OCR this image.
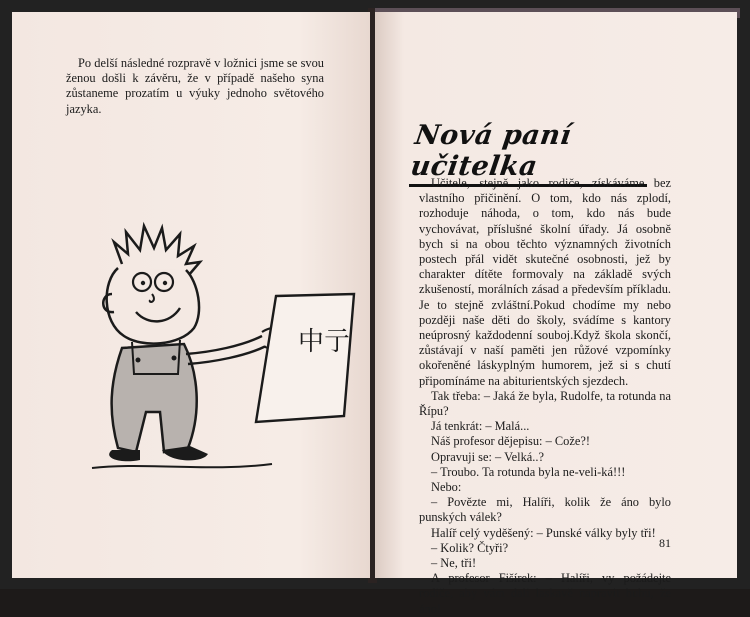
Po delší následné rozpravě v ložnici jsme se svou ženou došli k závěru, že v případě našeho syna zůstaneme prozatím u výuky jednoho světového jazyka.

中亍
Nová paní učitelka

Učitele, stejně jako rodiče, získáváme bez vlastního přičinění. O tom, kdo nás zplodí, rozhoduje náhoda, o tom, kdo nás bude vychovávat, příslušné školní úřady. Já osobně bych si na obou těchto významných životních postech přál vidět skutečné osobnosti, jež by charakter dítěte formovaly na základě svých zkušeností, morálních zásad a především příkladu. Je to stejně zvláštní.Pokud chodíme my nebo později naše děti do školy, svádíme s kantory neúprosný každodenní souboj.Když škola skončí, zůstávají v naší paměti jen růžové vzpomínky okořeněné láskyplným humorem, jež si s chutí připomínáme na abiturientských sjezdech.

Tak třeba: – Jaká že byla, Rudolfe, ta rotunda na Řípu?

Já tenkrát: – Malá...

Náš profesor dějepisu: – Cože?!

Opravuji se: – Velká..?

– Troubo. Ta rotunda byla ne-veli-ká!!!

Nebo:

– Povězte mi, Halíři, kolik že áno bylo punských válek?

Halíř celý vyděšený: – Punské války byly tři!

– Kolik? Čtyři?

– Ne, tři!

A profesor Fišírek: – Halíři, vy požádejte rodiče, aby vám dali laskavě napravit hubu, že áno!

81
